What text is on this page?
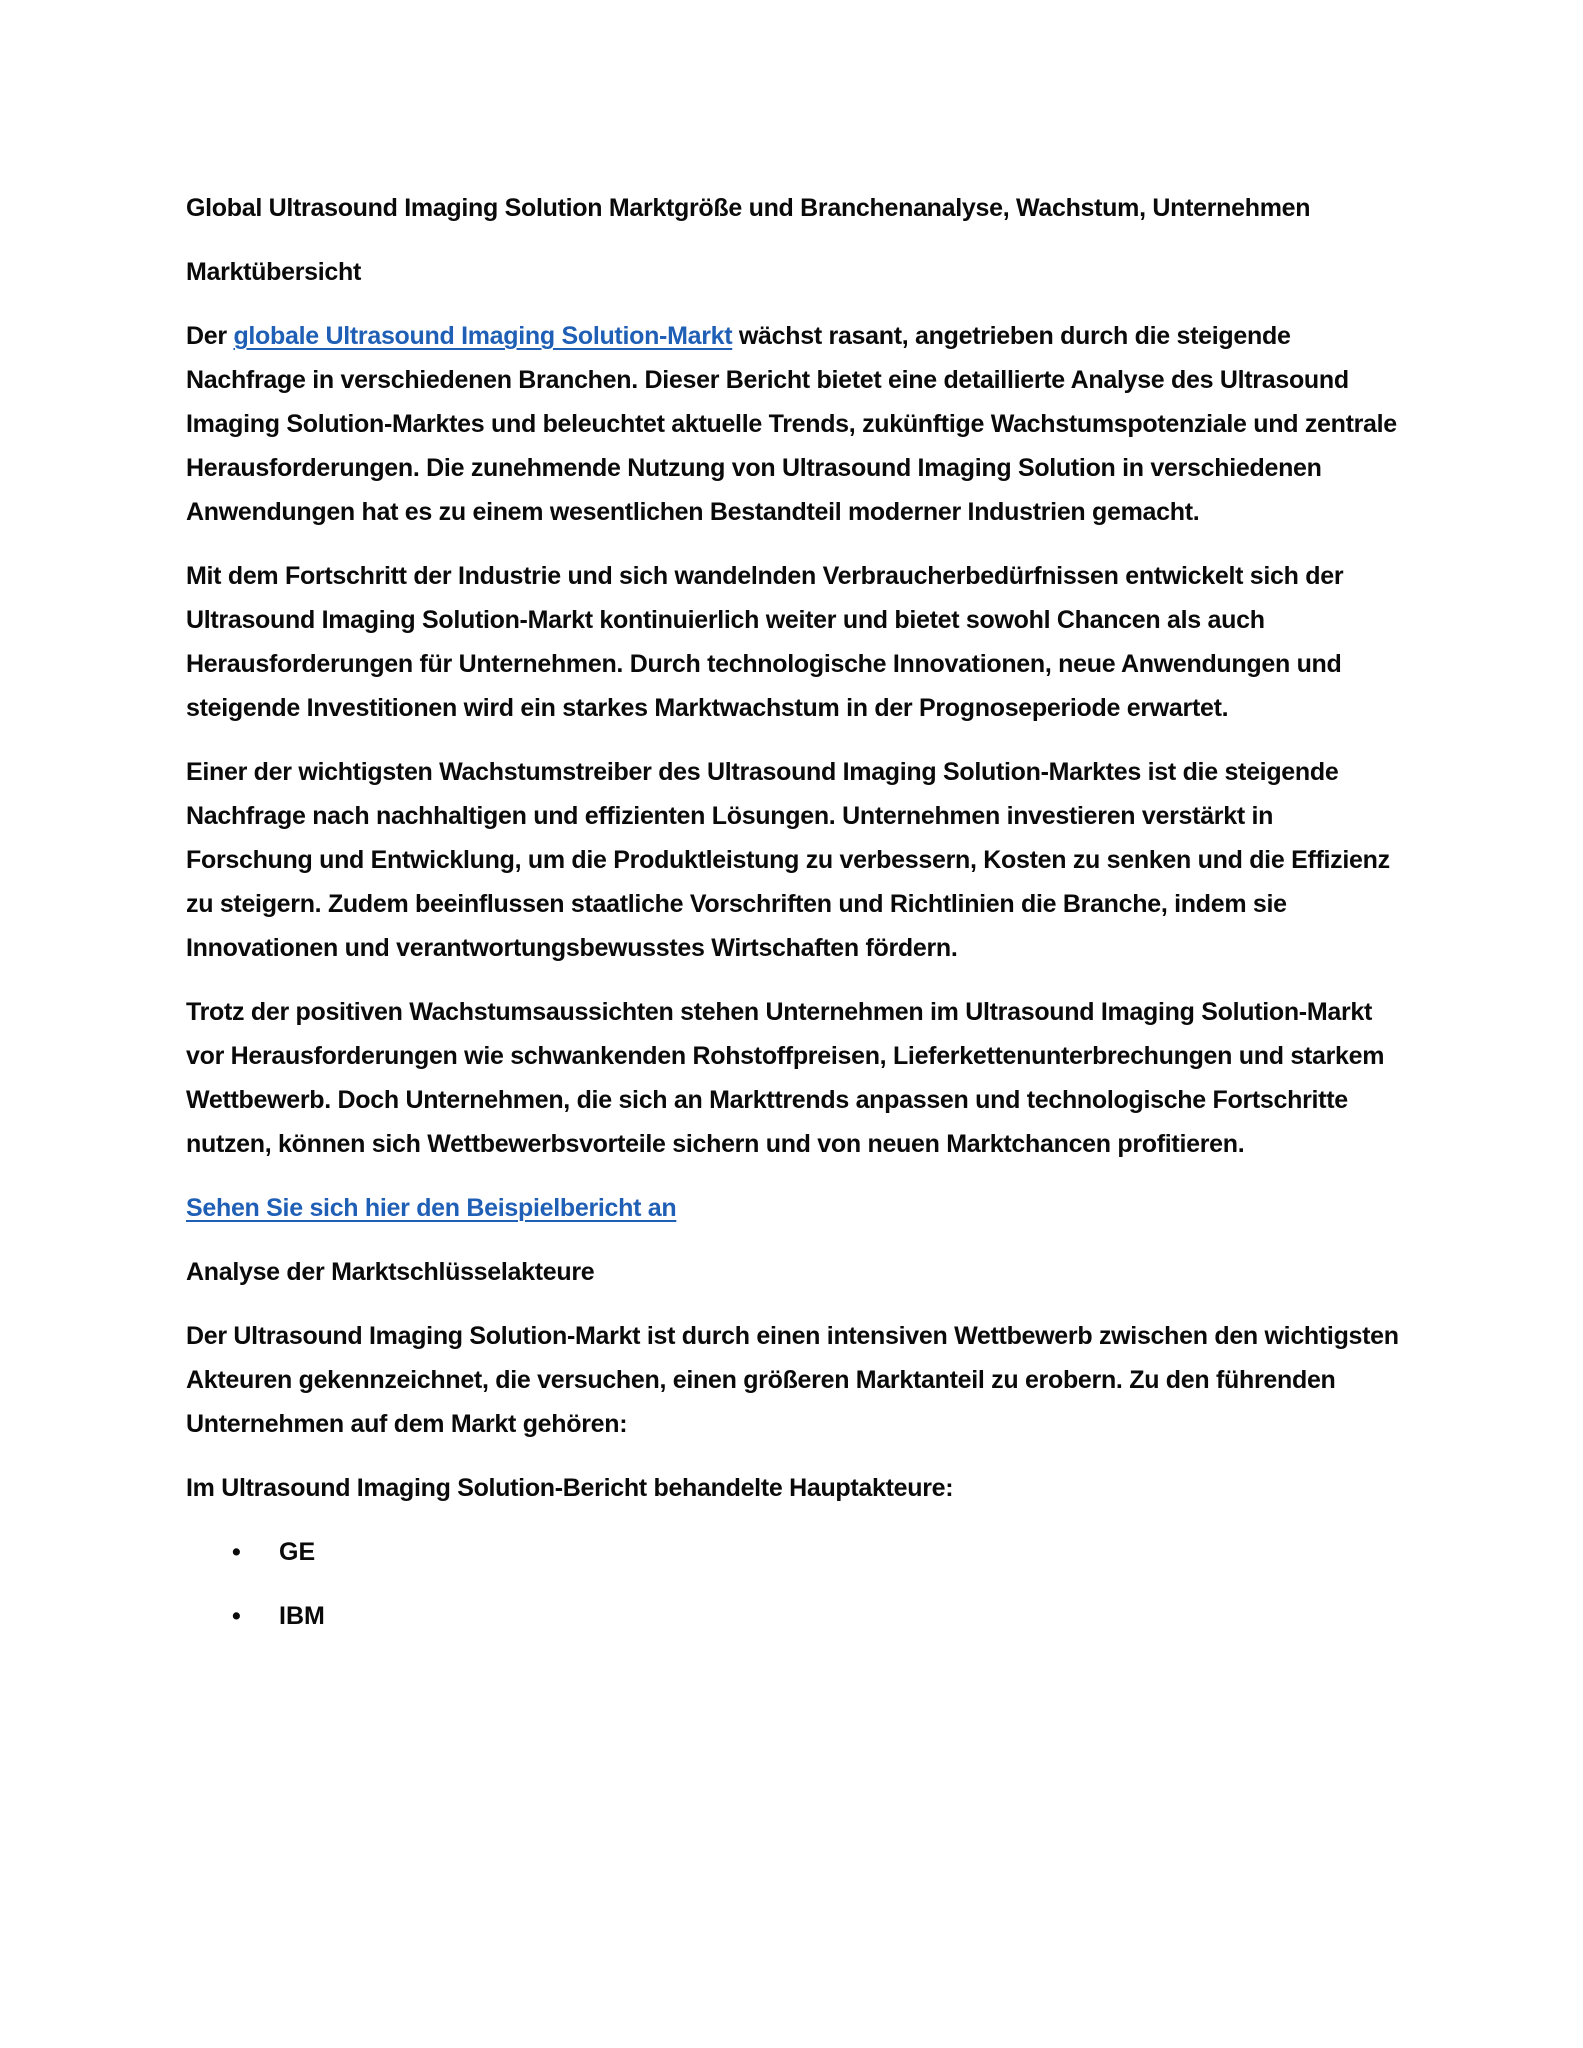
Global Ultrasound Imaging Solution Marktgröße und Branchenanalyse, Wachstum, Unternehmen

Marktübersicht

Der globale Ultrasound Imaging Solution-Markt wächst rasant, angetrieben durch die steigende Nachfrage in verschiedenen Branchen. Dieser Bericht bietet eine detaillierte Analyse des Ultrasound Imaging Solution-Marktes und beleuchtet aktuelle Trends, zukünftige Wachstumspotenziale und zentrale Herausforderungen. Die zunehmende Nutzung von Ultrasound Imaging Solution in verschiedenen Anwendungen hat es zu einem wesentlichen Bestandteil moderner Industrien gemacht.

Mit dem Fortschritt der Industrie und sich wandelnden Verbraucherbedürfnissen entwickelt sich der Ultrasound Imaging Solution-Markt kontinuierlich weiter und bietet sowohl Chancen als auch Herausforderungen für Unternehmen. Durch technologische Innovationen, neue Anwendungen und steigende Investitionen wird ein starkes Marktwachstum in der Prognoseperiode erwartet.

Einer der wichtigsten Wachstumstreiber des Ultrasound Imaging Solution-Marktes ist die steigende Nachfrage nach nachhaltigen und effizienten Lösungen. Unternehmen investieren verstärkt in Forschung und Entwicklung, um die Produktleistung zu verbessern, Kosten zu senken und die Effizienz zu steigern. Zudem beeinflussen staatliche Vorschriften und Richtlinien die Branche, indem sie Innovationen und verantwortungsbewusstes Wirtschaften fördern.

Trotz der positiven Wachstumsaussichten stehen Unternehmen im Ultrasound Imaging Solution-Markt vor Herausforderungen wie schwankenden Rohstoffpreisen, Lieferkettenunterbrechungen und starkem Wettbewerb. Doch Unternehmen, die sich an Markttrends anpassen und technologische Fortschritte nutzen, können sich Wettbewerbsvorteile sichern und von neuen Marktchancen profitieren.

Sehen Sie sich hier den Beispielbericht an

Analyse der Marktschlüsselakteure

Der Ultrasound Imaging Solution-Markt ist durch einen intensiven Wettbewerb zwischen den wichtigsten Akteuren gekennzeichnet, die versuchen, einen größeren Marktanteil zu erobern. Zu den führenden Unternehmen auf dem Markt gehören:

Im Ultrasound Imaging Solution-Bericht behandelte Hauptakteure:

• GE
• IBM
